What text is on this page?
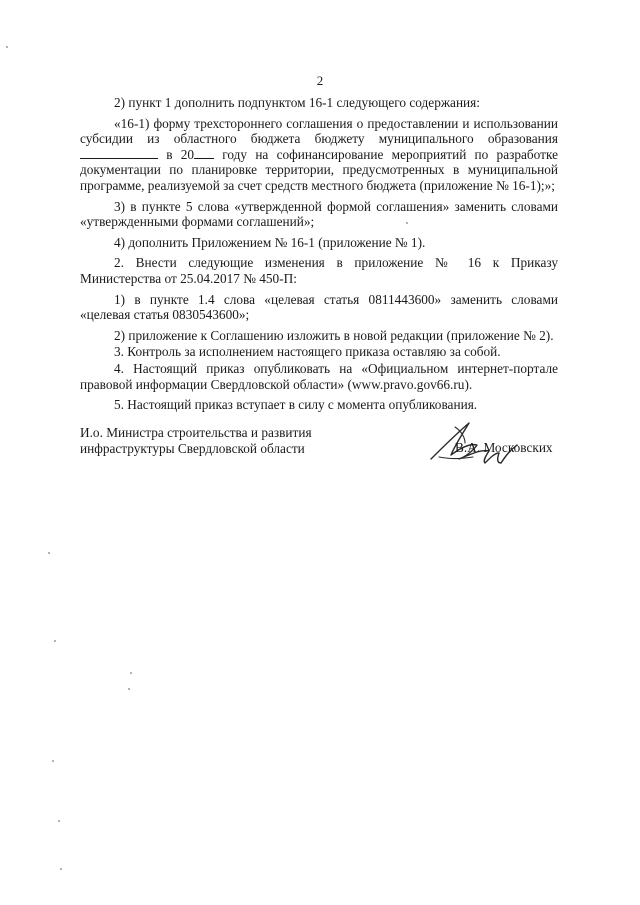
2

2) пункт 1 дополнить подпунктом 16-1 следующего содержания:

«16-1) форму трехстороннего соглашения о предоставлении и использовании субсидии из областного бюджета бюджету муниципального образования  в 20 году на софинансирование мероприятий по разработке документации по планировке территории, предусмотренных в муниципальной программе, реализуемой за счет средств местного бюджета (приложение № 16-1);»;

3) в пункте 5 слова «утвержденной формой соглашения» заменить словами «утвержденными формами соглашений»;

4) дополнить Приложением № 16-1 (приложение № 1).

2. Внести следующие изменения в приложение № 16 к Приказу Министерства от 25.04.2017 № 450-П:

1) в пункте 1.4 слова «целевая статья 0811443600» заменить словами «целевая статья 0830543600»;

2) приложение к Соглашению изложить в новой редакции (приложение № 2).

3. Контроль за исполнением настоящего приказа оставляю за собой.

4. Настоящий приказ опубликовать на «Официальном интернет-портале правовой информации Свердловской области» (www.pravo.gov66.ru).

5. Настоящий приказ вступает в силу с момента опубликования.

И.о. Министра строительства и развития
инфраструктуры Свердловской области	В.А. Московских
